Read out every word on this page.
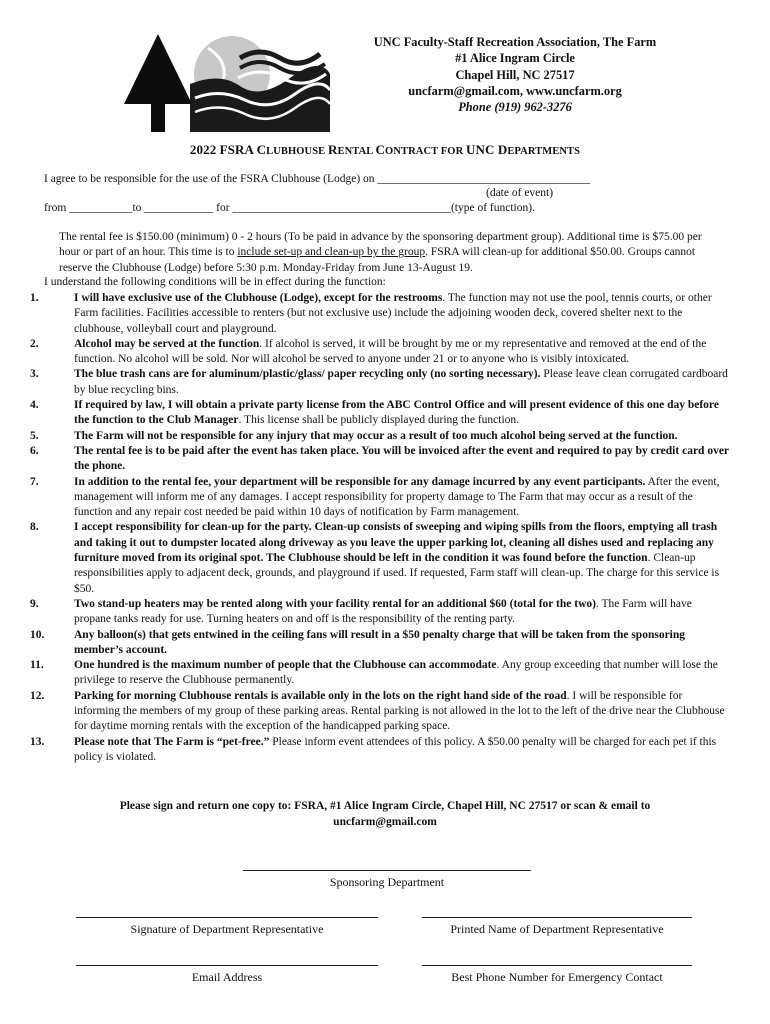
UNC Faculty-Staff Recreation Association, The Farm
#1 Alice Ingram Circle
Chapel Hill, NC 27517
uncfarm@gmail.com, www.uncfarm.org
Phone (919) 962-3276
2022 FSRA CLUBHOUSE RENTAL CONTRACT FOR UNC DEPARTMENTS
I agree to be responsible for the use of the FSRA Clubhouse (Lodge) on _____________________________________
(date of event)
from ___________to ____________ for ______________________________________(type of function).
The rental fee is $150.00 (minimum) 0 - 2 hours (To be paid in advance by the sponsoring department group). Additional time is $75.00 per hour or part of an hour. This time is to include set-up and clean-up by the group. FSRA will clean-up for additional $50.00. Groups cannot reserve the Clubhouse (Lodge) before 5:30 p.m. Monday-Friday from June 13-August 19.
I understand the following conditions will be in effect during the function:
1.	I will have exclusive use of the Clubhouse (Lodge), except for the restrooms. The function may not use the pool, tennis courts, or other Farm facilities. Facilities accessible to renters (but not exclusive use) include the adjoining wooden deck, covered shelter next to the clubhouse, volleyball court and playground.
2.	Alcohol may be served at the function. If alcohol is served, it will be brought by me or my representative and removed at the end of the function. No alcohol will be sold. Nor will alcohol be served to anyone under 21 or to anyone who is visibly intoxicated.
3.	The blue trash cans are for aluminum/plastic/glass/ paper recycling only (no sorting necessary). Please leave clean corrugated cardboard by blue recycling bins.
4.	If required by law, I will obtain a private party license from the ABC Control Office and will present evidence of this one day before the function to the Club Manager. This license shall be publicly displayed during the function.
5.	The Farm will not be responsible for any injury that may occur as a result of too much alcohol being served at the function.
6.	The rental fee is to be paid after the event has taken place. You will be invoiced after the event and required to pay by credit card over the phone.
7.	In addition to the rental fee, your department will be responsible for any damage incurred by any event participants. After the event, management will inform me of any damages. I accept responsibility for property damage to The Farm that may occur as a result of the function and any repair cost needed be paid within 10 days of notification by Farm management.
8.	I accept responsibility for clean-up for the party. Clean-up consists of sweeping and wiping spills from the floors, emptying all trash and taking it out to dumpster located along driveway as you leave the upper parking lot, cleaning all dishes used and replacing any furniture moved from its original spot. The Clubhouse should be left in the condition it was found before the function. Clean-up responsibilities apply to adjacent deck, grounds, and playground if used. If requested, Farm staff will clean-up. The charge for this service is $50.
9.	Two stand-up heaters may be rented along with your facility rental for an additional $60 (total for the two). The Farm will have propane tanks ready for use. Turning heaters on and off is the responsibility of the renting party.
10.	Any balloon(s) that gets entwined in the ceiling fans will result in a $50 penalty charge that will be taken from the sponsoring member’s account.
11.	One hundred is the maximum number of people that the Clubhouse can accommodate. Any group exceeding that number will lose the privilege to reserve the Clubhouse permanently.
12.	Parking for morning Clubhouse rentals is available only in the lots on the right hand side of the road. I will be responsible for informing the members of my group of these parking areas. Rental parking is not allowed in the lot to the left of the drive near the Clubhouse for daytime morning rentals with the exception of the handicapped parking space.
13.	Please note that The Farm is “pet-free.” Please inform event attendees of this policy. A $50.00 penalty will be charged for each pet if this policy is violated.
Please sign and return one copy to: FSRA, #1 Alice Ingram Circle, Chapel Hill, NC 27517 or scan & email to
uncfarm@gmail.com
Sponsoring Department
Signature of Department Representative	Printed Name of Department Representative
Email Address	Best Phone Number for Emergency Contact
